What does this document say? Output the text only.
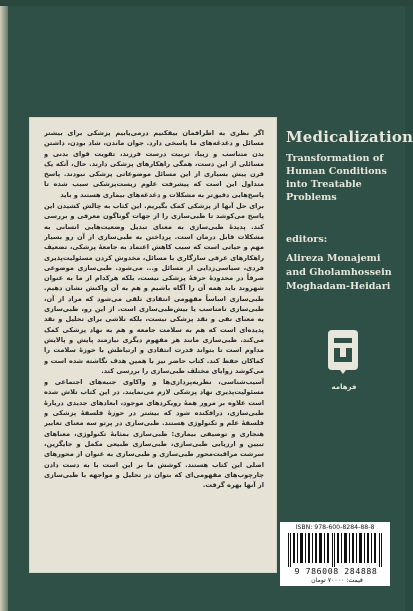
اگر نظری به اطرافمان بیفکنیم درمی‌یابیم پزشکی برای بیشتر مسائل و دغدغه‌های ما پاسخی دارد. جوان ماندن، شاد بودن، داشتن بدن متناسب و زیبا، تربیت درست فرزند، تقویت قوای بدنی و مسائلی از این دست، همگی راهکارهای پزشکی دارند. حال، آنکه یک قرن پیش بسیاری از این مسائل موضوعاتی پزشکی نبودند. پاسخ متداول این است که پیشرفت علوم زیست‌پزشکی سبب شده تا پاسخ‌هایی دقیق‌تر به مشکلات و دغدغه‌های بیماری هستند و باید

برای حل آنها از پزشکی کمک بگیریم. این کتاب به چالش کشیدن این پاسخ می‌کوشد تا طبی‌سازی را از جهات گوناگون معرفی و بررسی کند. پدیدهٔ طبی‌سازی به معنای تبدیل وضعیت‌هایی انسانی به مشکلات قابل درمان است. پرداختن به طبی‌سازی از آن رو بسیار مهم و حیاتی است که سبب کاهش اعتماد به جامعهٔ پزشکی، تضعیف راهکارهای عرفی سازگاری با مسائل، مخدوش کردن مسئولیت‌پذیری فردی، سیاسی‌زدایی از مسائل و... می‌شود. طبی‌سازی موضوعی صرفاً در محدودهٔ حرفهٔ پزشکی نیست، بلکه هرکدام از ما به عنوان شهروند باید همه آن را آگاه باشیم و هم به آن واکنش نشان دهیم. طبی‌سازی اساساً مفهومی انتقادی تلقی می‌شود که مراد از آن، طبی‌سازی نامناسب یا بیش‌طبی‌سازی است. از این رو، طبی‌سازی به معنای نفی و نقد پزشکی نیست، بلکه تلاشی برای تحلیل و نقد پدیده‌ای است که هم به سلامت جامعه و هم به نهاد پزشکی کمک می‌کند. طبی‌سازی مانند هر مفهوم دیگری نیازمند پایش و پالایش مداوم است تا بتواند قدرت انتقادی و ارتباطش با حوزهٔ سلامت را کماکان حفظ کند. کتاب حاضر نیز با همین هدف نگاشته شده است و می‌کوشد زوایای مختلف طبی‌سازی را بررسی کند.

آسیب‌شناسی، نظریه‌پردازی‌ها و واکاوی جنبه‌های اجتماعی و مسئولیت‌پذیری نهاد پزشکی لازم می‌نمایند. در این کتاب تلاش شده است علاوه بر مرور همهٔ رویکردهای موجود، ابعادهای جدیدی دربارهٔ طبی‌سازی، درافکنده شود که بیشتر در حوزهٔ فلسفهٔ پزشکی و فلسفهٔ علم و تکنولوژی هستند. طبی‌سازی در پرتو سه معنای تعابیر هنجاری و توصیفی بیماری: طبی‌سازی بمثابهٔ تکنولوژی، معناهای تبیین و ارزیابی طبی‌سازی، طبی‌سازی طبیعی مکمل و جایگزین، سرشت مراقبت‌محور طبی‌سازی و طبی‌سازی به عنوان از محورهای اصلی این کتاب هستند. کوشش ما بر این است با به دست دادن چارچوب‌های مفهومی‌ای که بتوان در تحلیل و مواجهه با طبی‌سازی از آنها بهره گرفت.

Medicalization
Transformation of Human Conditions into Treatable Problems
editors:
Alireza Monajemi
and Gholamhossein
Moghadam-Heidari
فرهامه
ISBN: 978-600-8284-88-8
9 786008 284888
قیمت: ۷۰۰۰۰ تومان
